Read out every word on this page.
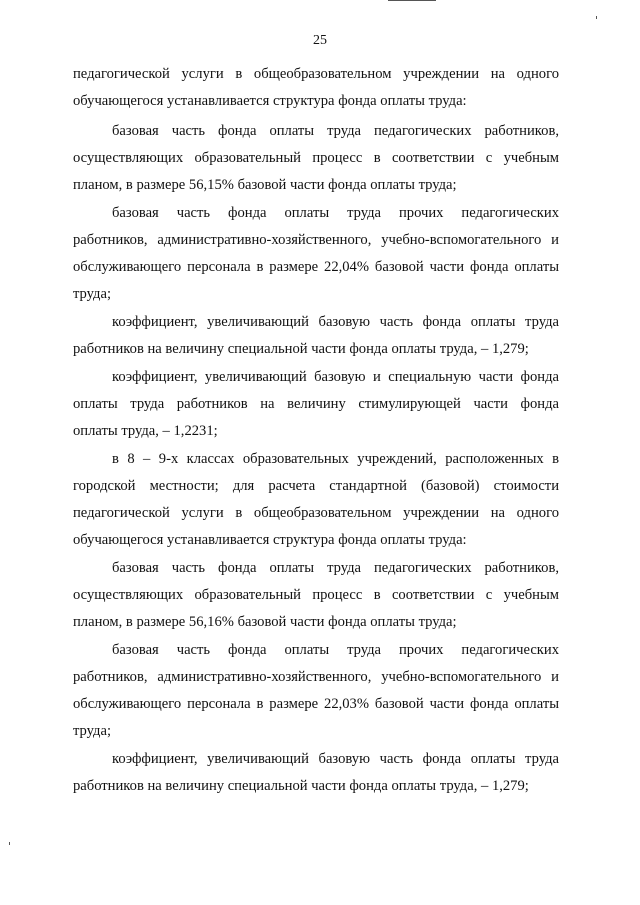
25
педагогической услуги в общеобразовательном учреждении на одного
обучающегося устанавливается структура фонда оплаты труда:
базовая часть фонда оплаты труда педагогических работников,
осуществляющих образовательный процесс в соответствии с учебным
планом, в размере 56,15% базовой части фонда оплаты труда;
базовая часть фонда оплаты труда прочих педагогических
работников, административно-хозяйственного, учебно-вспомогательного и
обслуживающего персонала в размере 22,04% базовой части фонда оплаты
труда;
коэффициент, увеличивающий базовую часть фонда оплаты труда
работников на величину специальной части фонда оплаты труда, – 1,279;
коэффициент, увеличивающий базовую и специальную части фонда
оплаты труда работников на величину стимулирующей части фонда
оплаты труда, – 1,2231;
в 8 – 9-х классах образовательных учреждений, расположенных в
городской местности; для расчета стандартной (базовой) стоимости
педагогической услуги в общеобразовательном учреждении на одного
обучающегося устанавливается структура фонда оплаты труда:
базовая часть фонда оплаты труда педагогических работников,
осуществляющих образовательный процесс в соответствии с учебным
планом, в размере 56,16% базовой части фонда оплаты труда;
базовая часть фонда оплаты труда прочих педагогических
работников, административно-хозяйственного, учебно-вспомогательного и
обслуживающего персонала в размере 22,03% базовой части фонда оплаты
труда;
коэффициент, увеличивающий базовую часть фонда оплаты труда
работников на величину специальной части фонда оплаты труда, – 1,279;
